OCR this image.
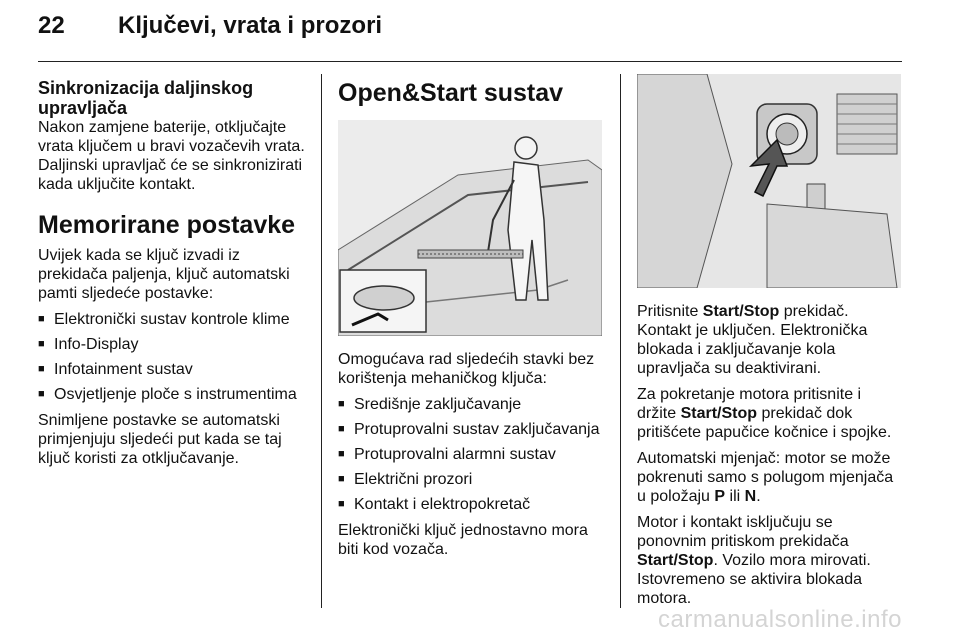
22 Ključevi, vrata i prozori
Sinkronizacija daljinskog upravljača

Nakon zamjene baterije, otključajte vrata ključem u bravi vozačevih vrata. Daljinski upravljač će se sinkronizirati kada uključite kontakt.

Memorirane postavke

Uvijek kada se ključ izvadi iz prekidača paljenja, ključ automatski pamti sljedeće postavke:

■ Elektronički sustav kontrole klime
■ Info-Display
■ Infotainment sustav
■ Osvjetljenje ploče s instrumentima

Snimljene postavke se automatski primjenjuju sljedeći put kada se taj ključ koristi za otključavanje.

Open&Start sustav

Omogućava rad sljedećih stavki bez korištenja mehaničkog ključa:

■ Središnje zaključavanje
■ Protuprovalni sustav zaključavanja
■ Protuprovalni alarmni sustav
■ Električni prozori
■ Kontakt i elektropokretač

Elektronički ključ jednostavno mora biti kod vozača.

Pritisnite Start/Stop prekidač. Kontakt je uključen. Elektronička blokada i zaključavanje kola upravljača su deaktivirani.

Za pokretanje motora pritisnite i držite Start/Stop prekidač dok pritišćete papučice kočnice i spojke.

Automatski mjenjač: motor se može pokrenuti samo s polugom mjenjača u položaju P ili N.

Motor i kontakt isključuju se ponovnim pritiskom prekidača Start/Stop. Vozilo mora mirovati. Istovremeno se aktivira blokada motora.

carmanualsonline.info
